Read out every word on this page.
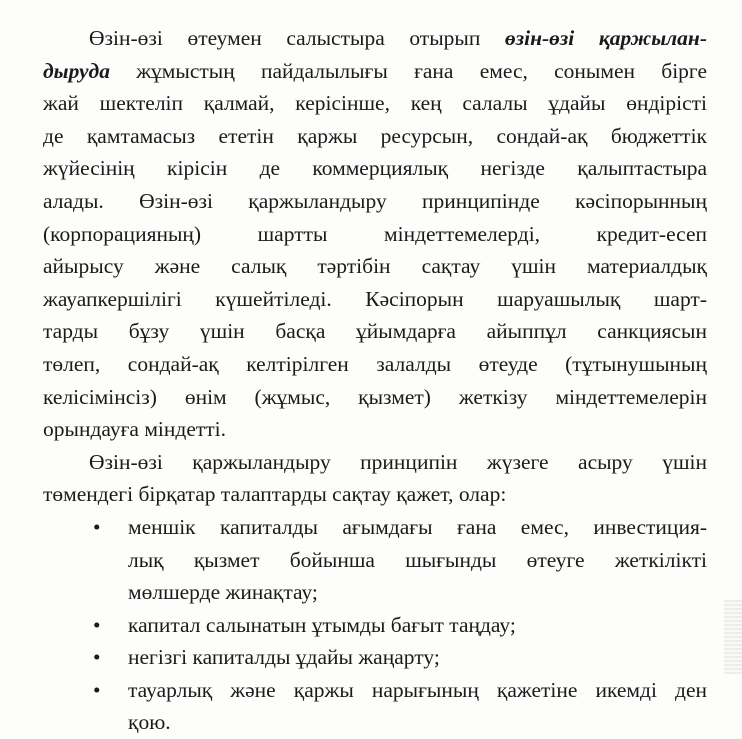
Өзін-өзі өтеумен салыстыра отырып өзін-өзі қаржылан-
дыруда жұмыстың пайдалылығы ғана емес, сонымен бірге
жай шектеліп қалмай, керісінше, кең салалы ұдайы өндірісті
де қамтамасыз ететін қаржы ресурсын, сондай-ақ бюджеттік
жүйесінің кірісін де коммерциялық негізде қалыптастыра
алады. Өзін-өзі қаржыландыру принципінде кәсіпорынның
(корпорацияның) шартты міндеттемелерді, кредит-есеп
айырысу және салық тәртібін сақтау үшін материалдық
жауапкершілігі күшейтіледі. Кәсіпорын шаруашылық шарт-
тарды бұзу үшін басқа ұйымдарға айыппұл санкциясын
төлеп, сондай-ақ келтірілген залалды өтеуде (тұтынушының
келісімінсіз) өнім (жұмыс, қызмет) жеткізу міндеттемелерін
орындауға міндетті.

Өзін-өзі қаржыландыру принципін жүзеге асыру үшін
төмендегі бірқатар талаптарды сақтау қажет, олар:

• меншік капиталды ағымдағы ғана емес, инвестиция-
лық қызмет бойынша шығынды өтеуге жеткілікті
мөлшерде жинақтау;
• капитал салынатын ұтымды бағыт таңдау;
• негізгі капиталды ұдайы жаңарту;
• тауарлық және қаржы нарығының қажетіне икемді ден
қою.
